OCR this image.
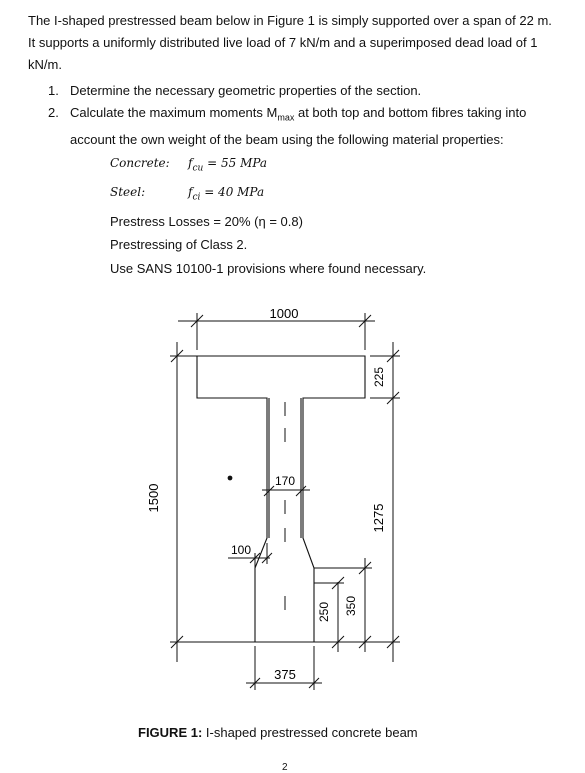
The I-shaped prestressed beam below in Figure 1 is simply supported over a span of 22 m. It supports a uniformly distributed live load of 7 kN/m and a superimposed dead load of 1 kN/m.
1. Determine the necessary geometric properties of the section.
2. Calculate the maximum moments $M_{max}$ at both top and bottom fibres taking into account the own weight of the beam using the following material properties:
Concrete:	$f_{cu} = 55$ MPa
Steel:	$f_{ci} = 40$ MPa
Prestress Losses = 20% (η = 0.8)
Prestressing of Class 2.
Use SANS 10100-1 provisions where found necessary.
1000
1500
225
1275
170
100
375
250 350
FIGURE 1: I-shaped prestressed concrete beam
2
